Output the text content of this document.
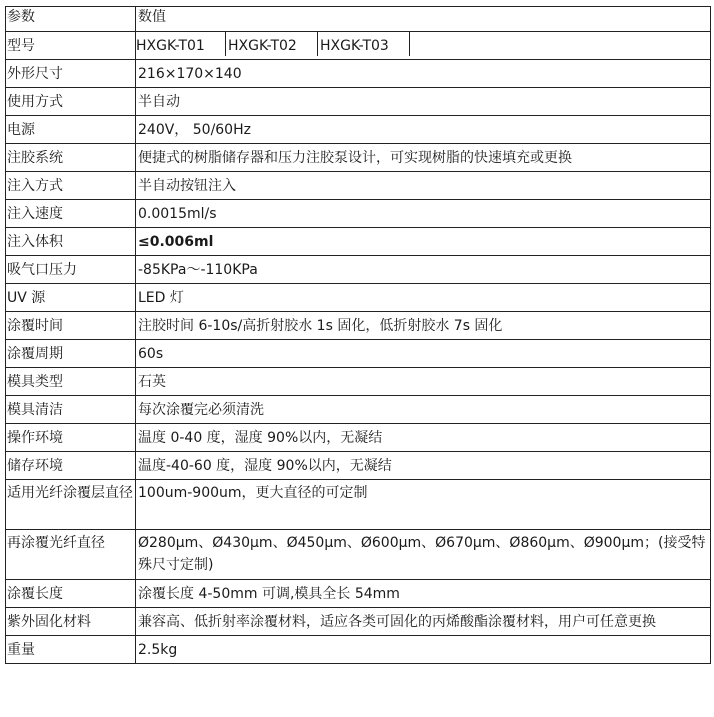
参数	数值

型号	HXGK-T01 HXGK-T02 HXGK-T03

外形尺寸	216×170×140

使用方式	半自动

电源	240V， 50/60Hz

注胶系统	便捷式的树脂储存器和压力注胶泵设计，可实现树脂的快速填充或更换

注入方式	半自动按钮注入

注入速度	0.0015ml/s

注入体积	≤0.006ml

吸气口压力	-85KPa～-110KPa

UV 源	LED 灯

涂覆时间	注胶时间 6-10s/高折射胶水 1s 固化，低折射胶水 7s 固化

涂覆周期	60s

模具类型	石英

模具清洁	每次涂覆完必须清洗

操作环境	温度 0-40 度，湿度 90%以内，无凝结

储存环境	温度-40-60 度，湿度 90%以内，无凝结

适用光纤涂覆层直径	100um-900um，更大直径的可定制
再涂覆光纤直径	Ø280μm、Ø430μm、Ø450μm、Ø600μm、Ø670μm、Ø860μm、Ø900μm；(接受特殊尺寸定制)

涂覆长度	涂覆长度 4-50mm 可调,模具全长 54mm

紫外固化材料	兼容高、低折射率涂覆材料，适应各类可固化的丙烯酸酯涂覆材料，用户可任意更换

重量	2.5kg
